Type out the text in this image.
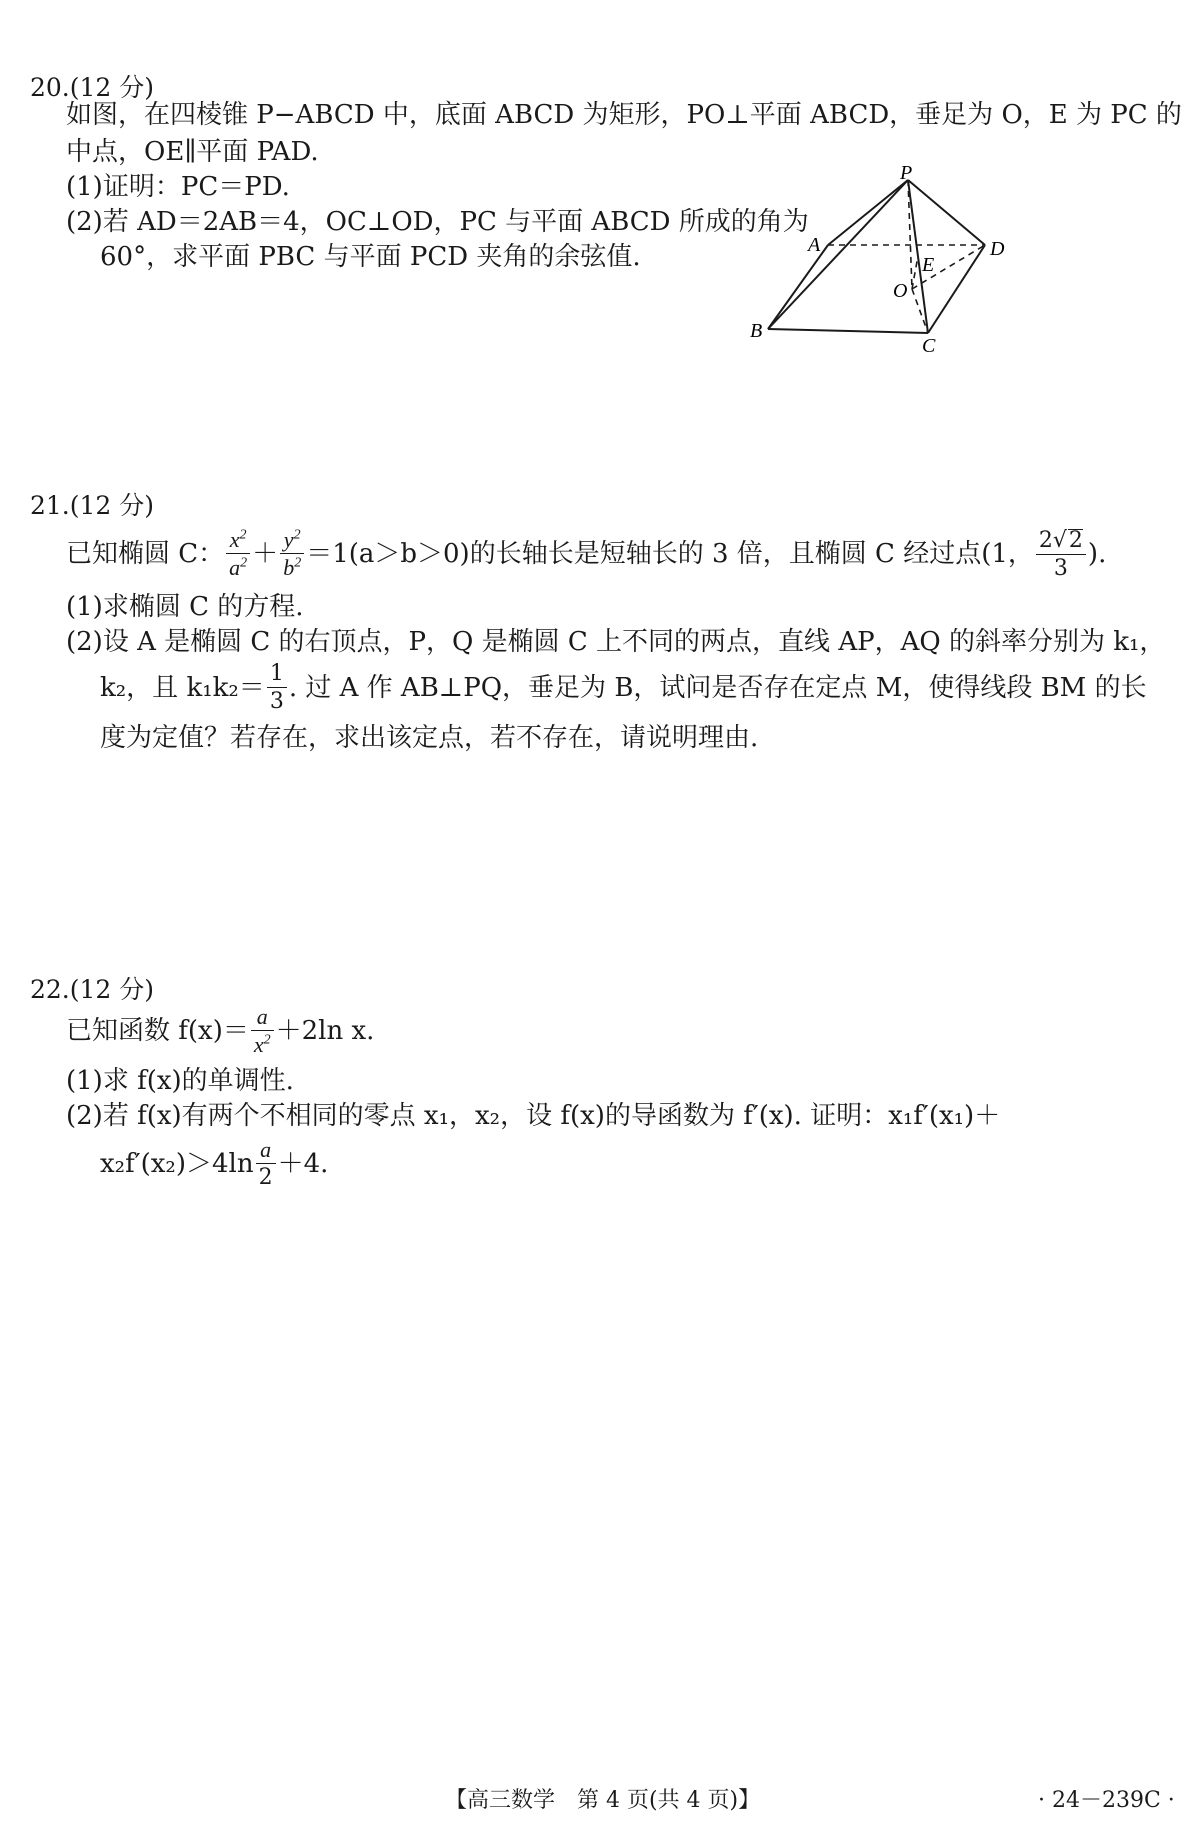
20.(12 分)
如图，在四棱锥 P−ABCD 中，底面 ABCD 为矩形，PO⊥平面 ABCD，垂足为 O，E 为 PC 的
中点，OE∥平面 PAD.
(1)证明：PC＝PD.
(2)若 AD＝2AB＝4，OC⊥OD，PC 与平面 ABCD 所成的角为
60°，求平面 PBC 与平面 PCD 夹角的余弦值.
P
A
B
C
D
E
O
21.(12 分)
已知椭圆 C： $\frac{x^2}{a^2} + \frac{y^2}{b^2} =1(a>b>0)$的长轴长是短轴长的 3 倍，且椭圆 C 经过点(1， $\frac{2√2}{3}$ ).
(1)求椭圆 C 的方程.
(2)设 A 是椭圆 C 的右顶点，P，Q 是椭圆 C 上不同的两点，直线 AP，AQ 的斜率分别为 k₁，
k₂，且 $k_1k_2= \frac{1}{3}$ . 过 A 作 AB⊥PQ，垂足为 B，试问是否存在定点 M，使得线段 BM 的长
度为定值？若存在，求出该定点，若不存在，请说明理由.
22.(12 分)
已知函数 $f(x)= \frac{a}{x^2} +2\ln$ x.
(1)求 f(x)的单调性.
(2)若 f(x)有两个不相同的零点 x₁，x₂，设 f(x)的导函数为 f′(x). 证明：x₁f′(x₁)＋
$x_2f'(x_2)>4\ln \frac{a}{2} +4$.
【高三数学　第 4 页(共 4 页)】	· 24－239C ·
